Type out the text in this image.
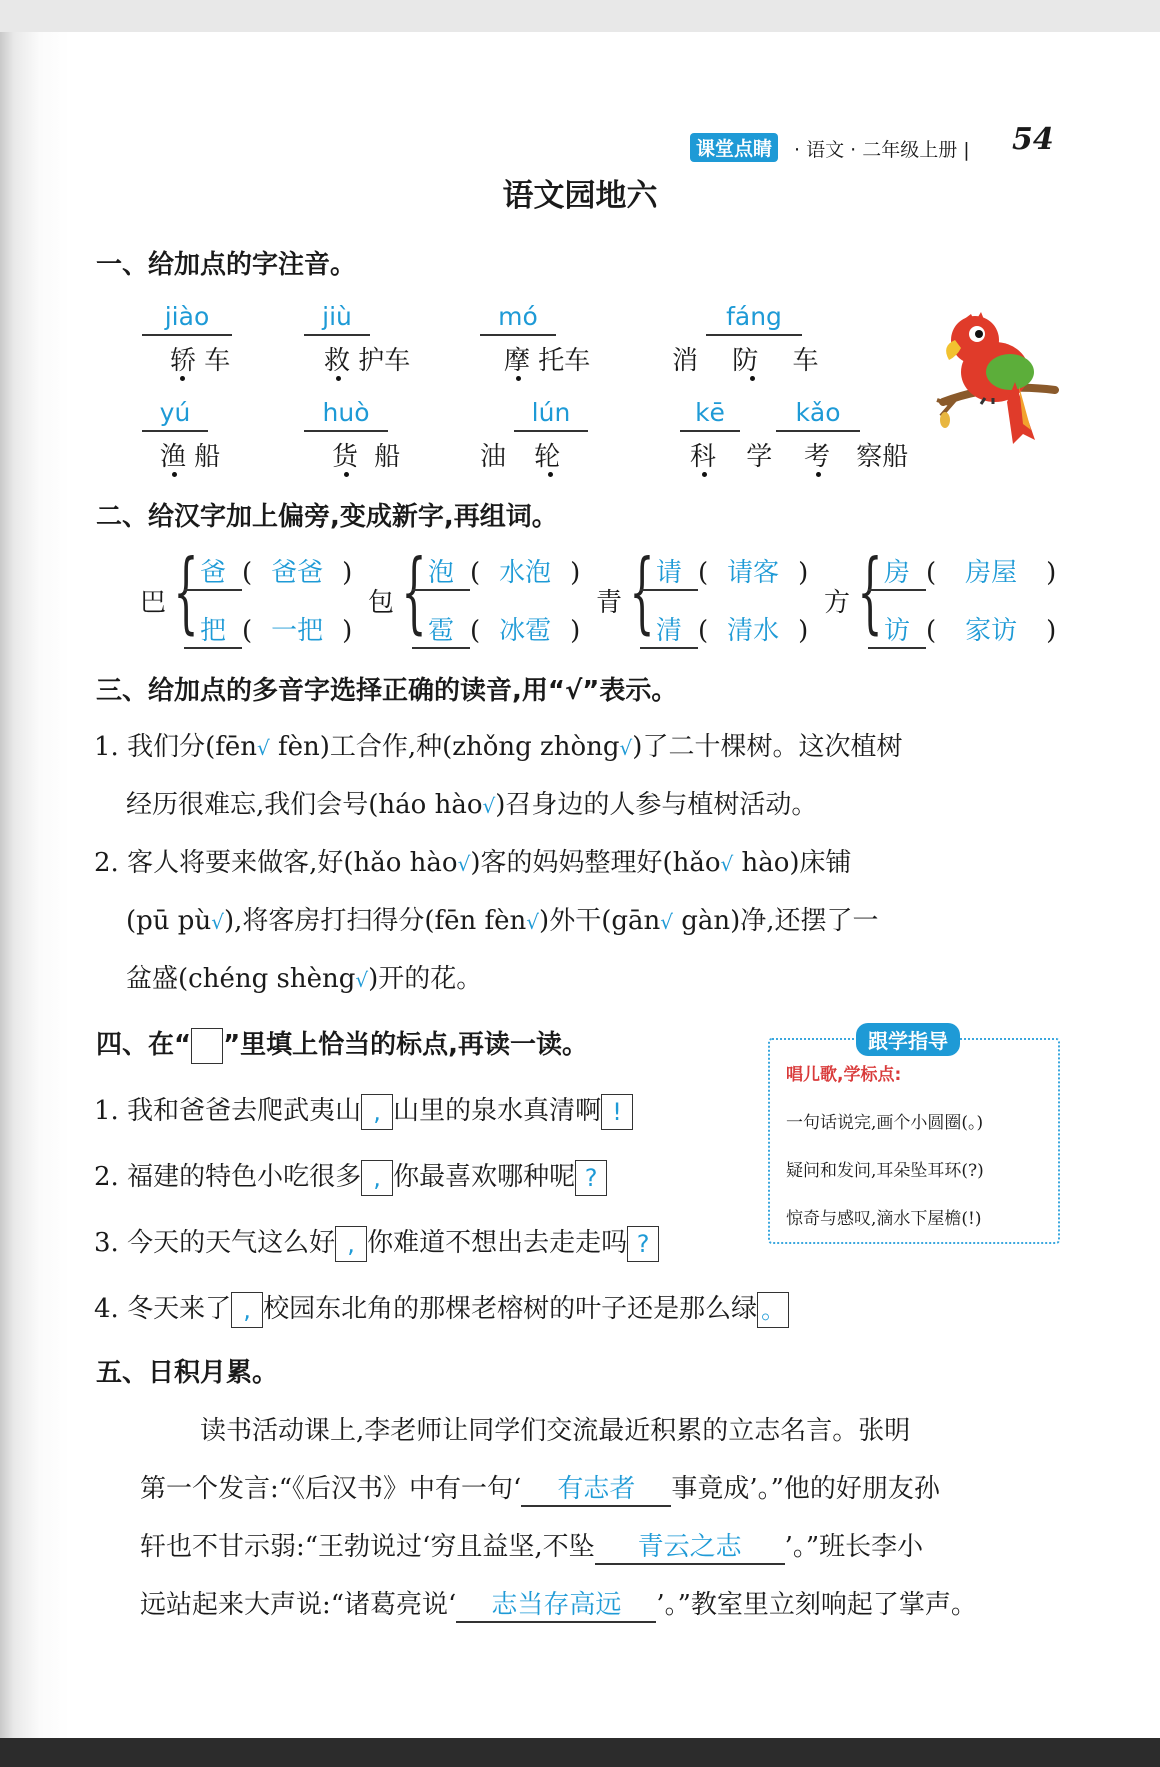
课堂点睛	· 语文 · 二年级上册 | 54
语文园地六
一、给加点的字注音。
jiào
轿 车
jiù
救 护车
mó
摩 托车
fáng
消 防 车
yú
渔 船
huò
货 船
lún
油 轮
kē
科 学
kǎo
考 察船
二、给汉字加上偏旁,变成新字,再组词。
巴 { 爸 ( 爸爸 )
把 ( 一把 )
包 { 泡 ( 水泡 )
雹 ( 冰雹 )
青 { 请 ( 请客 )
清 ( 清水 )
方 { 房 ( 房屋 )
访 ( 家访 )
三、给加点的多音字选择正确的读音,用“√”表示。
1. 我们分(fēn√ fèn)工合作,种(zhǒng zhòng√)了二十棵树。这次植树
经历很难忘,我们会号(háo hào√)召身边的人参与植树活动。
2. 客人将要来做客,好(hǎo hào√)客的妈妈整理好(hǎo√ hào)床铺
(pū pù√),将客房打扫得分(fēn fèn√)外干(gān√ gàn)净,还摆了一
盆盛(chéng shèng√)开的花。
四、在“ ”里填上恰当的标点,再读一读。
1. 我和爸爸去爬武夷山 , 山里的泉水真清啊 !
2. 福建的特色小吃很多 , 你最喜欢哪种呢 ?
3. 今天的天气这么好 , 你难道不想出去走走吗 ?
4. 冬天来了 , 校园东北角的那棵老榕树的叶子还是那么绿 。
跟学指导
唱儿歌,学标点:
一句话说完,画个小圆圈(。)
疑问和发问,耳朵坠耳环(?)
惊奇与感叹,滴水下屋檐(!)
五、日积月累。
读书活动课上,李老师让同学们交流最近积累的立志名言。张明
第一个发言:“《后汉书》中有一句‘ 有志者 事竟成’。”他的好朋友孙
轩也不甘示弱:“王勃说过‘穷且益坚,不坠 青云之志 ’。”班长李小
远站起来大声说:“诸葛亮说‘ 志当存高远 ’。”教室里立刻响起了掌声。
